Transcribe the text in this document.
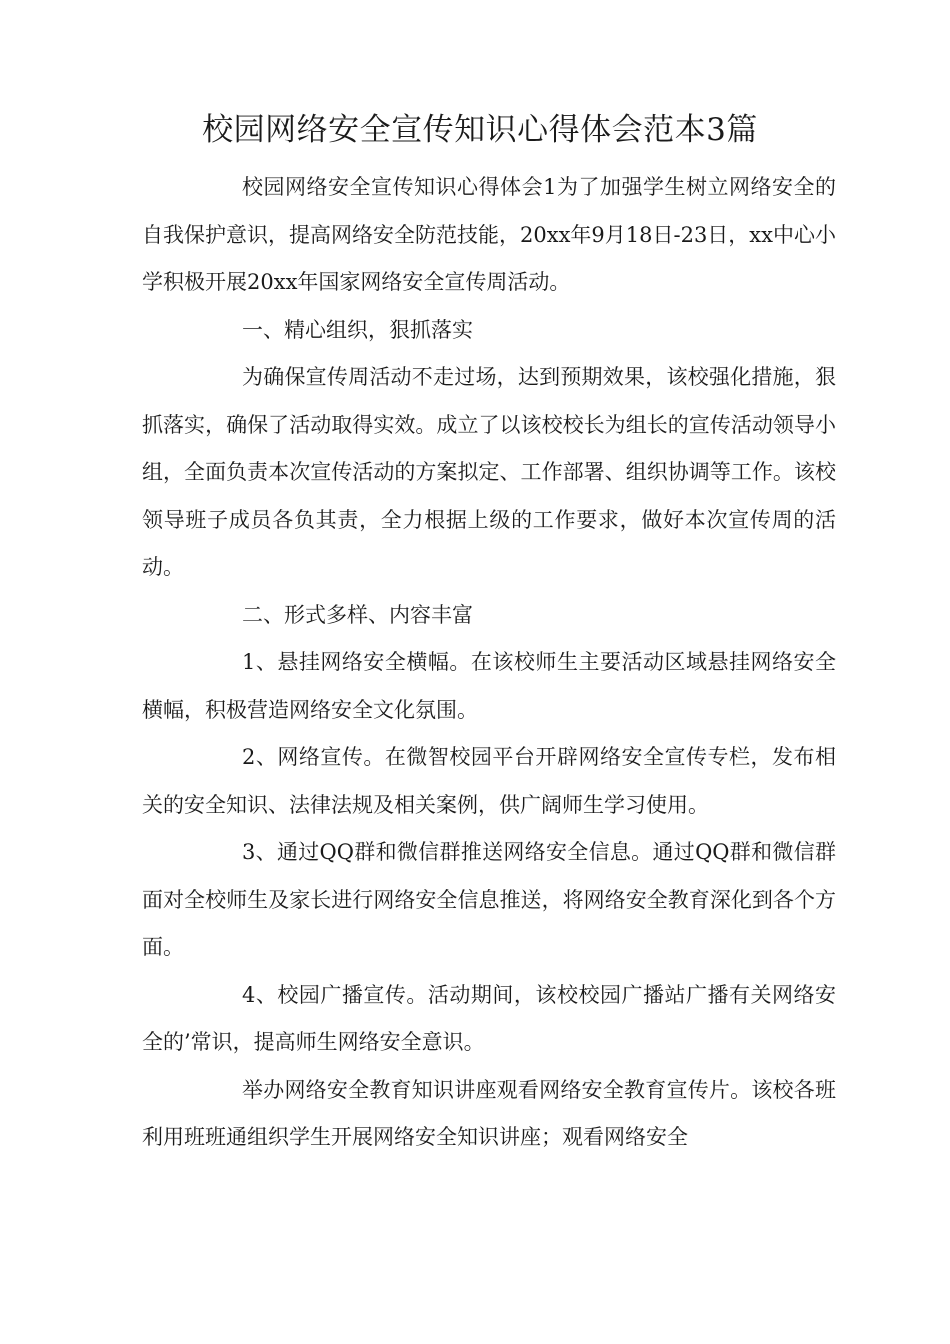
校园网络安全宣传知识心得体会范本3篇

校园网络安全宣传知识心得体会1为了加强学生树立网络安全的自我保护意识，提高网络安全防范技能，20xx年9月18日-23日，xx中心小学积极开展20xx年国家网络安全宣传周活动。

一、精心组织，狠抓落实

为确保宣传周活动不走过场，达到预期效果，该校强化措施，狠抓落实，确保了活动取得实效。成立了以该校校长为组长的宣传活动领导小组，全面负责本次宣传活动的方案拟定、工作部署、组织协调等工作。该校领导班子成员各负其责，全力根据上级的工作要求，做好本次宣传周的活动。

二、形式多样、内容丰富

1、悬挂网络安全横幅。在该校师生主要活动区域悬挂网络安全横幅，积极营造网络安全文化氛围。

2、网络宣传。在微智校园平台开辟网络安全宣传专栏，发布相关的安全知识、法律法规及相关案例，供广阔师生学习使用。

3、通过QQ群和微信群推送网络安全信息。通过QQ群和微信群面对全校师生及家长进行网络安全信息推送，将网络安全教育深化到各个方面。

4、校园广播宣传。活动期间，该校校园广播站广播有关网络安全的’常识，提高师生网络安全意识。

举办网络安全教育知识讲座观看网络安全教育宣传片。该校各班利用班班通组织学生开展网络安全知识讲座；观看网络安全
